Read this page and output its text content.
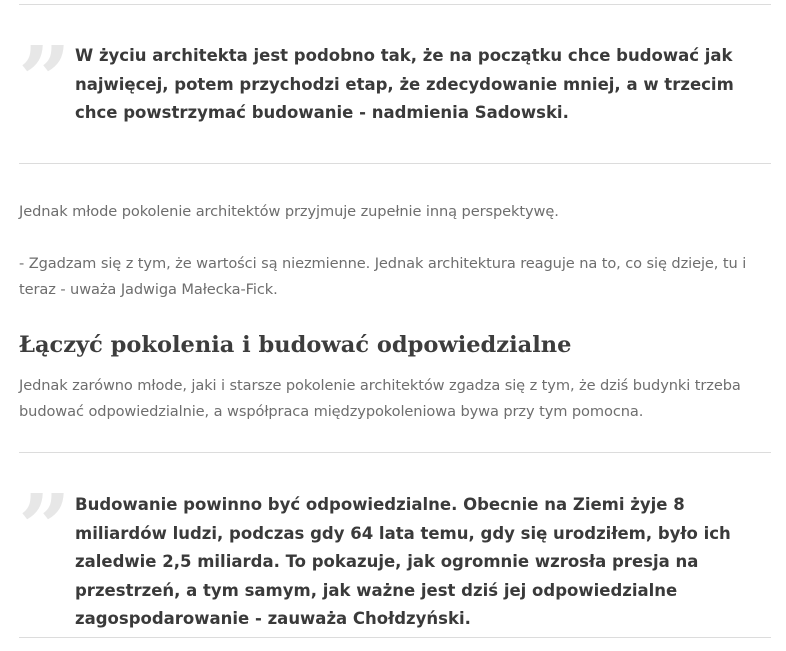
” W życiu architekta jest podobno tak, że na początku chce budować jak najwięcej, potem przychodzi etap, że zdecydowanie mniej, a w trzecim chce powstrzymać budowanie - nadmienia Sadowski.

Jednak młode pokolenie architektów przyjmuje zupełnie inną perspektywę.

- Zgadzam się z tym, że wartości są niezmienne. Jednak architektura reaguje na to, co się dzieje, tu i teraz - uważa Jadwiga Małecka-Fick.

Łączyć pokolenia i budować odpowiedzialne

Jednak zarówno młode, jaki i starsze pokolenie architektów zgadza się z tym, że dziś budynki trzeba budować odpowiedzialnie, a współpraca międzypokoleniowa bywa przy tym pomocna.

” Budowanie powinno być odpowiedzialne. Obecnie na Ziemi żyje 8 miliardów ludzi, podczas gdy 64 lata temu, gdy się urodziłem, było ich zaledwie 2,5 miliarda. To pokazuje, jak ogromnie wzrosła presja na przestrzeń, a tym samym, jak ważne jest dziś jej odpowiedzialne zagospodarowanie - zauważa Chołdzyński.
